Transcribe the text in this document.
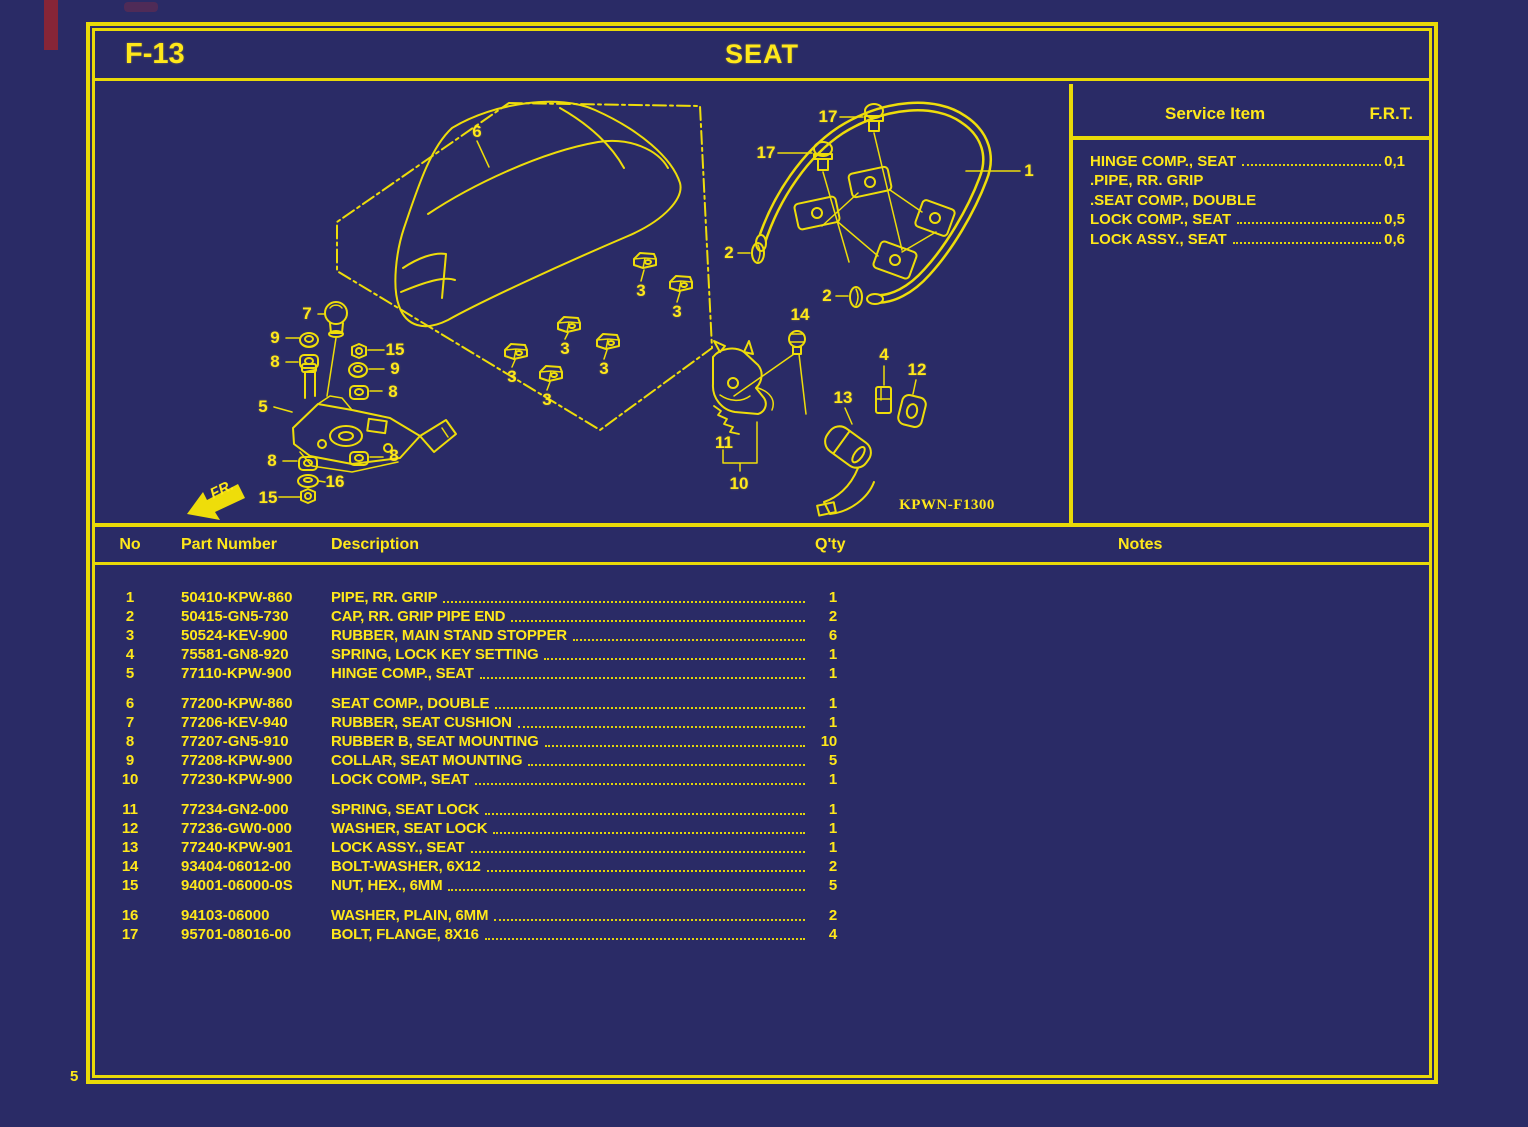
5
F-13	SEAT
FR.
1
2
2
3
3
3
3
3
3
4
5
6
7
8
8
8	8
9
9
10
11
12
13
14
15
15
16
17
17
KPWN-F1300
Service Item	F.R.T.
HINGE COMP., SEAT	0,1
.PIPE, RR. GRIP
.SEAT COMP., DOUBLE
LOCK COMP., SEAT	0,5
LOCK ASSY., SEAT	0,6
No	Part Number	Description	Q'ty	Notes
1	50410-KPW-860	PIPE, RR. GRIP	1
2	50415-GN5-730	CAP, RR. GRIP PIPE END	2
3	50524-KEV-900	RUBBER, MAIN STAND STOPPER	6
4	75581-GN8-920	SPRING, LOCK KEY SETTING	1
5	77110-KPW-900	HINGE COMP., SEAT	1
6	77200-KPW-860	SEAT COMP., DOUBLE	1
7	77206-KEV-940	RUBBER, SEAT CUSHION	1
8	77207-GN5-910	RUBBER B, SEAT MOUNTING	10
9	77208-KPW-900	COLLAR, SEAT MOUNTING	5
10	77230-KPW-900	LOCK COMP., SEAT	1
11	77234-GN2-000	SPRING, SEAT LOCK	1
12	77236-GW0-000	WASHER, SEAT LOCK	1
13	77240-KPW-901	LOCK ASSY., SEAT	1
14	93404-06012-00	BOLT-WASHER, 6X12	2
15	94001-06000-0S	NUT, HEX., 6MM	5
16	94103-06000	WASHER, PLAIN, 6MM	2
17	95701-08016-00	BOLT, FLANGE, 8X16	4
